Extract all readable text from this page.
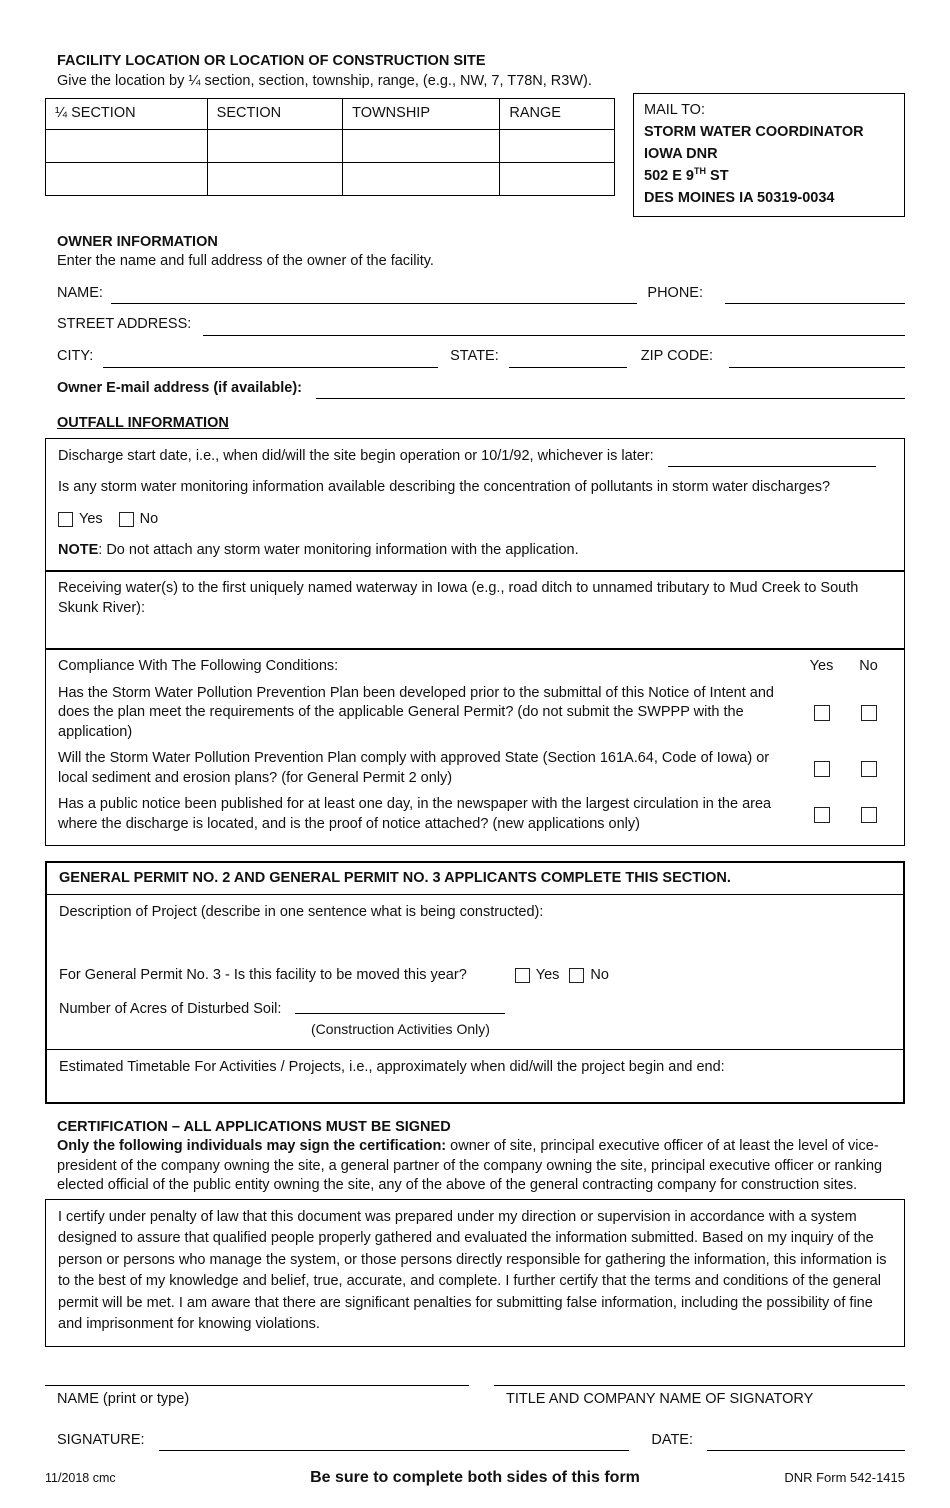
FACILITY LOCATION OR LOCATION OF CONSTRUCTION SITE
Give the location by ¼ section, section, township, range, (e.g., NW, 7, T78N, R3W).
¼ SECTION	SECTION	TOWNSHIP	RANGE

				MAIL TO:
STORM WATER COORDINATOR
IOWA DNR
502 E 9TH ST
DES MOINES IA 50319-0034
OWNER INFORMATION
Enter the name and full address of the owner of the facility.
NAME:	PHONE:
STREET ADDRESS:
CITY:	STATE:	ZIP CODE:
Owner E-mail address (if available):
OUTFALL INFORMATION
Discharge start date, i.e., when did/will the site begin operation or 10/1/92, whichever is later:
Is any storm water monitoring information available describing the concentration of pollutants in storm water discharges?
Yes	No
NOTE: Do not attach any storm water monitoring information with the application.
Receiving water(s) to the first uniquely named waterway in Iowa (e.g., road ditch to unnamed tributary to Mud Creek to South Skunk River):
Compliance With The Following Conditions:	Yes	No
Has the Storm Water Pollution Prevention Plan been developed prior to the submittal of this Notice of Intent and does the plan meet the requirements of the applicable General Permit? (do not submit the SWPPP with the application)
Will the Storm Water Pollution Prevention Plan comply with approved State (Section 161A.64, Code of Iowa) or local sediment and erosion plans? (for General Permit 2 only)
Has a public notice been published for at least one day, in the newspaper with the largest circulation in the area where the discharge is located, and is the proof of notice attached? (new applications only)
GENERAL PERMIT NO. 2 AND GENERAL PERMIT NO. 3 APPLICANTS COMPLETE THIS SECTION.
Description of Project (describe in one sentence what is being constructed):
For General Permit No. 3 - Is this facility to be moved this year?	Yes No
Number of Acres of Disturbed Soil:
(Construction Activities Only)
Estimated Timetable For Activities / Projects, i.e., approximately when did/will the project begin and end:
CERTIFICATION – ALL APPLICATIONS MUST BE SIGNED
Only the following individuals may sign the certification: owner of site, principal executive officer of at least the level of vice-president of the company owning the site, a general partner of the company owning the site, principal executive officer or ranking elected official of the public entity owning the site, any of the above of the general contracting company for construction sites.
I certify under penalty of law that this document was prepared under my direction or supervision in accordance with a system designed to assure that qualified people properly gathered and evaluated the information submitted. Based on my inquiry of the person or persons who manage the system, or those persons directly responsible for gathering the information, this information is to the best of my knowledge and belief, true, accurate, and complete. I further certify that the terms and conditions of the general permit will be met. I am aware that there are significant penalties for submitting false information, including the possibility of fine and imprisonment for knowing violations.
NAME (print or type)	TITLE AND COMPANY NAME OF SIGNATORY
SIGNATURE:	DATE:
11/2018 cmc	Be sure to complete both sides of this form	DNR Form 542-1415
